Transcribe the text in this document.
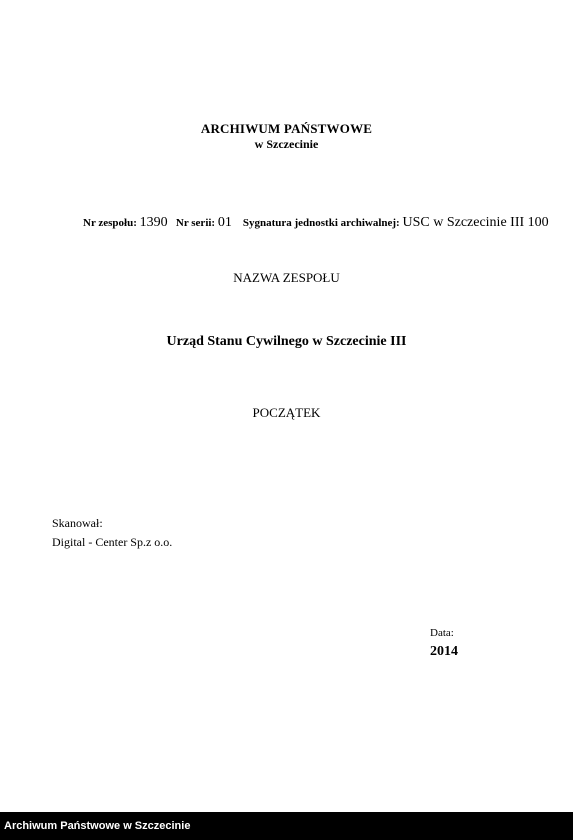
ARCHIWUM PAŃSTWOWE
w Szczecinie
Nr zespołu: 1390 Nr serii: 01 Sygnatura jednostki archiwalnej: USC w Szczecinie III 100
NAZWA ZESPOŁU
Urząd Stanu Cywilnego w Szczecinie III
POCZĄTEK
Skanował:
Digital - Center Sp.z o.o.
Data:
2014
Archiwum Państwowe w Szczecinie
